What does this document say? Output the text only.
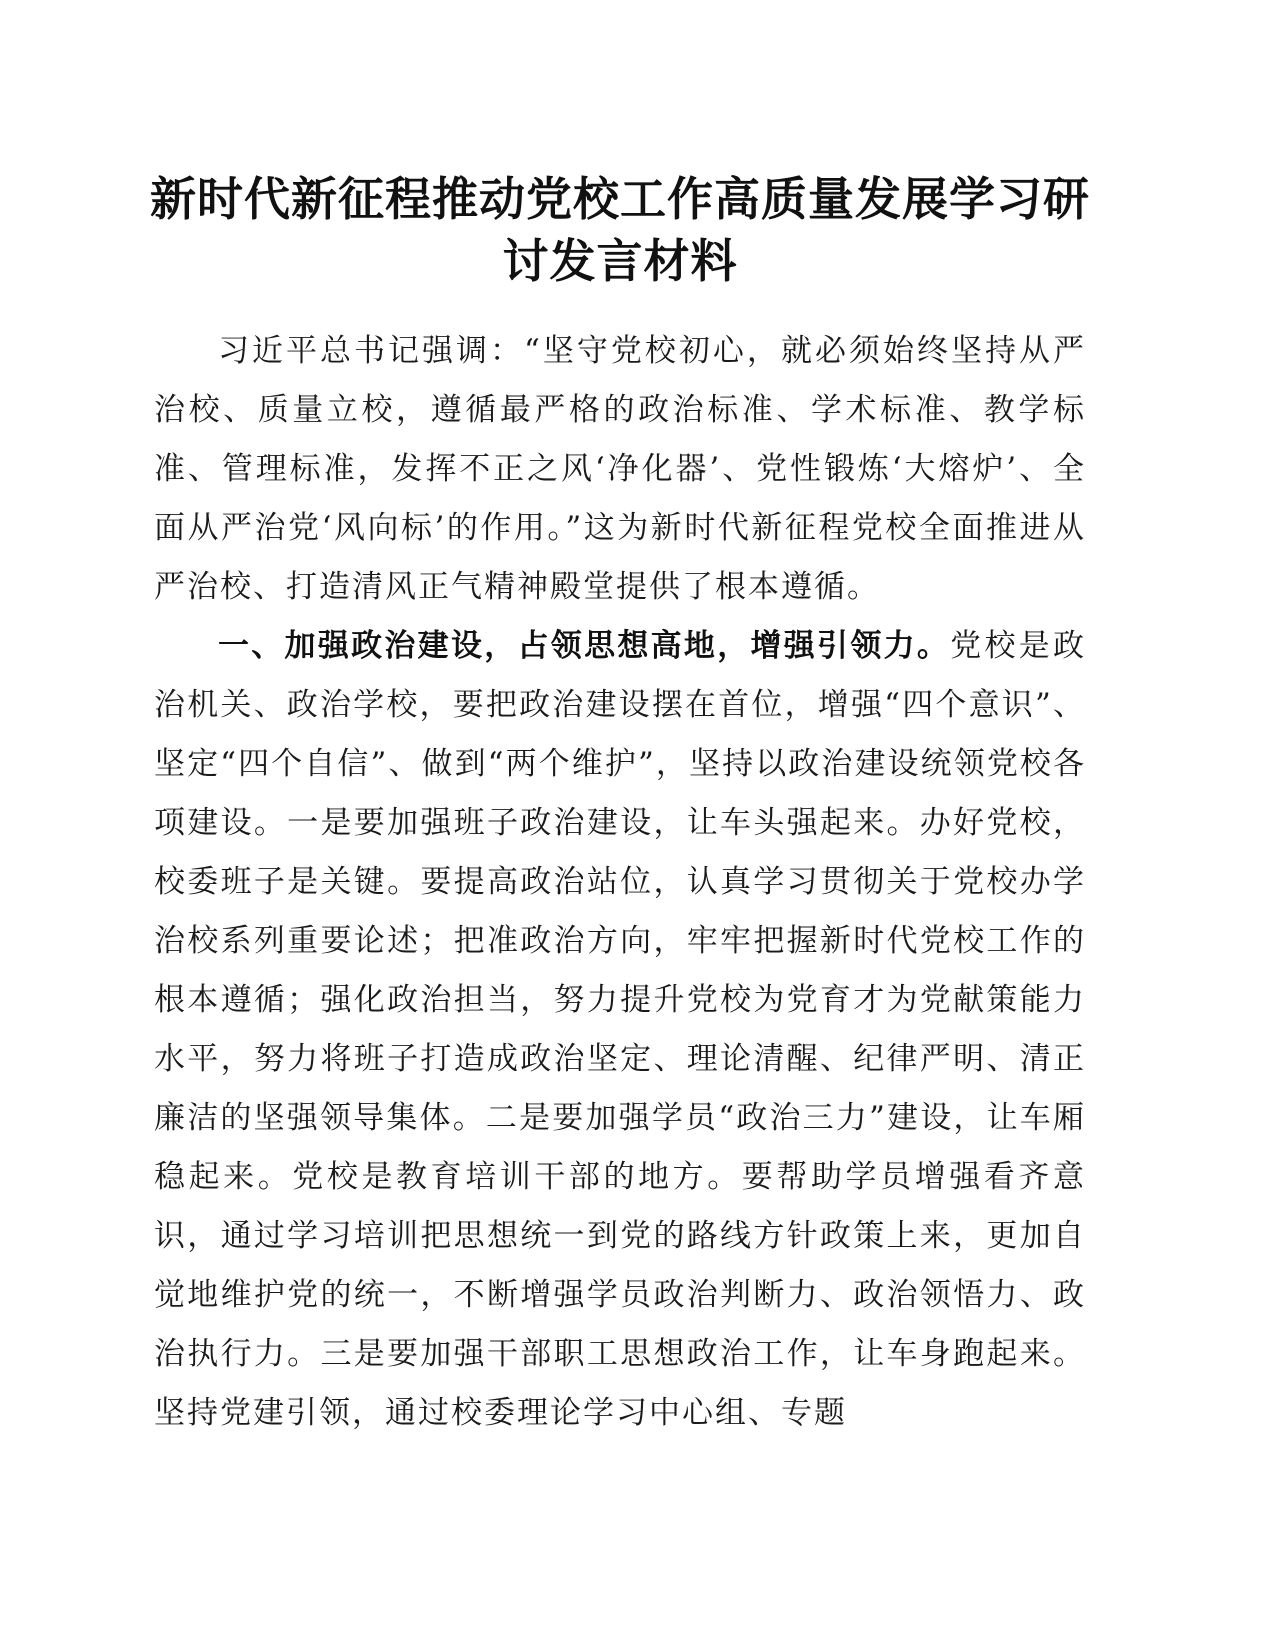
新时代新征程推动党校工作高质量发展学习研讨发言材料

习近平总书记强调：“坚守党校初心，就必须始终坚持从严治校、质量立校，遵循最严格的政治标准、学术标准、教学标准、管理标准，发挥不正之风‘净化器’、党性锻炼‘大熔炉’、全面从严治党‘风向标’的作用。”这为新时代新征程党校全面推进从严治校、打造清风正气精神殿堂提供了根本遵循。

一、加强政治建设，占领思想高地，增强引领力。党校是政治机关、政治学校，要把政治建设摆在首位，增强“四个意识”、坚定“四个自信”、做到“两个维护”，坚持以政治建设统领党校各项建设。一是要加强班子政治建设，让车头强起来。办好党校，校委班子是关键。要提高政治站位，认真学习贯彻关于党校办学治校系列重要论述；把准政治方向，牢牢把握新时代党校工作的根本遵循；强化政治担当，努力提升党校为党育才为党献策能力水平，努力将班子打造成政治坚定、理论清醒、纪律严明、清正廉洁的坚强领导集体。二是要加强学员“政治三力”建设，让车厢稳起来。党校是教育培训干部的地方。要帮助学员增强看齐意识，通过学习培训把思想统一到党的路线方针政策上来，更加自觉地维护党的统一，不断增强学员政治判断力、政治领悟力、政治执行力。三是要加强干部职工思想政治工作，让车身跑起来。坚持党建引领，通过校委理论学习中心组、专题
